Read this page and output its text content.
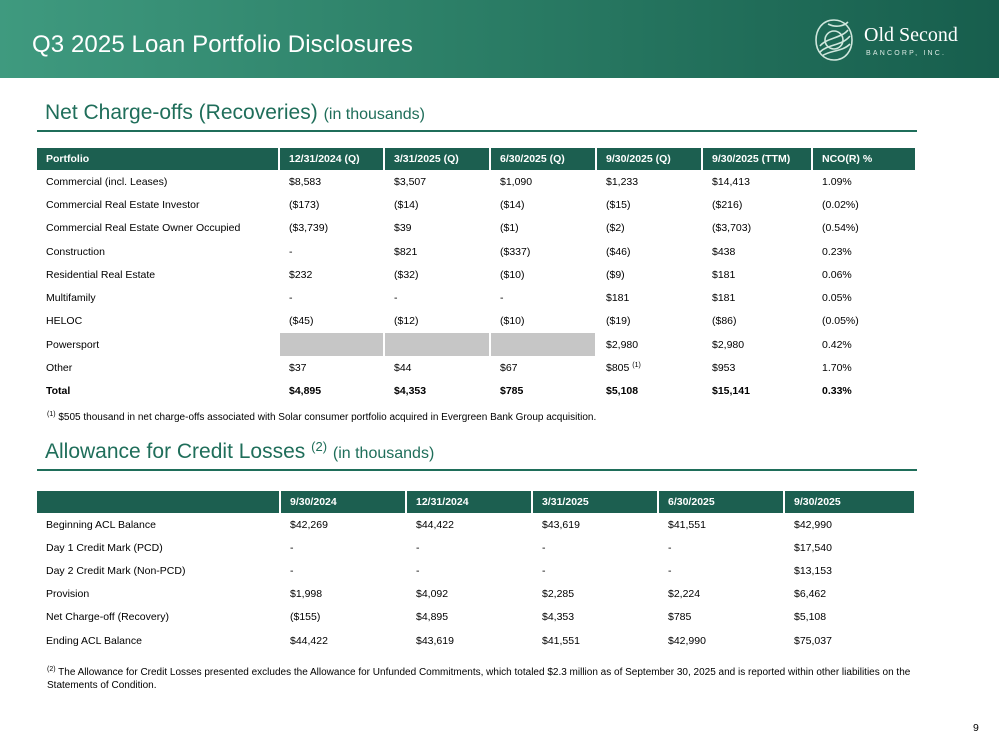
Q3 2025 Loan Portfolio Disclosures	Old Second
BANCORP, INC.
Net Charge-offs (Recoveries) (in thousands)
Portfolio	12/31/2024 (Q)	3/31/2025 (Q)	6/30/2025 (Q)	9/30/2025 (Q)	9/30/2025 (TTM)	NCO(R) %
Commercial (incl. Leases)	$8,583	$3,507	$1,090	$1,233	$14,413	1.09%
Commercial Real Estate Investor	($173)	($14)	($14)	($15)	($216)	(0.02%)
Commercial Real Estate Owner Occupied	($3,739)	$39	($1)	($2)	($3,703)	(0.54%)
Construction	-	$821	($337)	($46)	$438	0.23%
Residential Real Estate	$232	($32)	($10)	($9)	$181	0.06%
Multifamily	-	-	-	$181	$181	0.05%
HELOC	($45)	($12)	($10)	($19)	($86)	(0.05%)
Powersport				$2,980	$2,980	0.42%
Other	$37	$44	$67	$805 $^{(1)}$	$953	1.70%
Total	$4,895	$4,353	$785	$5,108	$15,141	0.33%
$^{(1)}$ $505 thousand in net charge-offs associated with Solar consumer portfolio acquired in Evergreen Bank Group acquisition.
Allowance for Credit Losses $^{(2)}$ (in thousands)
	9/30/2024	12/31/2024	3/31/2025	6/30/2025	9/30/2025
Beginning ACL Balance	$42,269	$44,422	$43,619	$41,551	$42,990
Day 1 Credit Mark (PCD)	-	-	-	-	$17,540
Day 2 Credit Mark (Non-PCD)	-	-	-	-	$13,153
Provision	$1,998	$4,092	$2,285	$2,224	$6,462
Net Charge-off (Recovery)	($155)	$4,895	$4,353	$785	$5,108
Ending ACL Balance	$44,422	$43,619	$41,551	$42,990	$75,037
$^{(2)}$ The Allowance for Credit Losses presented excludes the Allowance for Unfunded Commitments, which totaled $2.3 million as of September 30, 2025 and is reported within other liabilities on the Statements of Condition.
9
